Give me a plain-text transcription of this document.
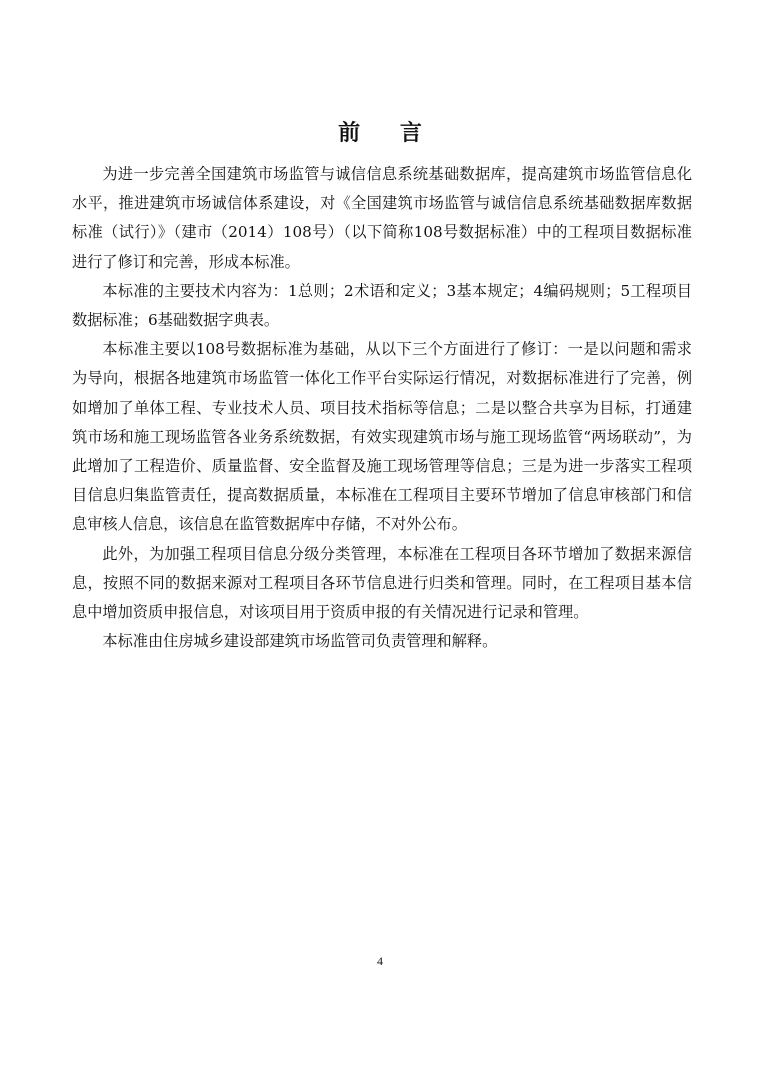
前 言

为进一步完善全国建筑市场监管与诚信信息系统基础数据库，提高建筑市场监管信息化水平，推进建筑市场诚信体系建设，对《全国建筑市场监管与诚信信息系统基础数据库数据标准（试行）》（建市（2014）108号）（以下简称108号数据标准）中的工程项目数据标准进行了修订和完善，形成本标准。

本标准的主要技术内容为：1总则；2术语和定义；3基本规定；4编码规则；5工程项目数据标准；6基础数据字典表。

本标准主要以108号数据标准为基础，从以下三个方面进行了修订：一是以问题和需求为导向，根据各地建筑市场监管一体化工作平台实际运行情况，对数据标准进行了完善，例如增加了单体工程、专业技术人员、项目技术指标等信息；二是以整合共享为目标，打通建筑市场和施工现场监管各业务系统数据，有效实现建筑市场与施工现场监管“两场联动”，为此增加了工程造价、质量监督、安全监督及施工现场管理等信息；三是为进一步落实工程项目信息归集监管责任，提高数据质量，本标准在工程项目主要环节增加了信息审核部门和信息审核人信息，该信息在监管数据库中存储，不对外公布。

此外，为加强工程项目信息分级分类管理，本标准在工程项目各环节增加了数据来源信息，按照不同的数据来源对工程项目各环节信息进行归类和管理。同时，在工程项目基本信息中增加资质申报信息，对该项目用于资质申报的有关情况进行记录和管理。

本标准由住房城乡建设部建筑市场监管司负责管理和解释。

4
